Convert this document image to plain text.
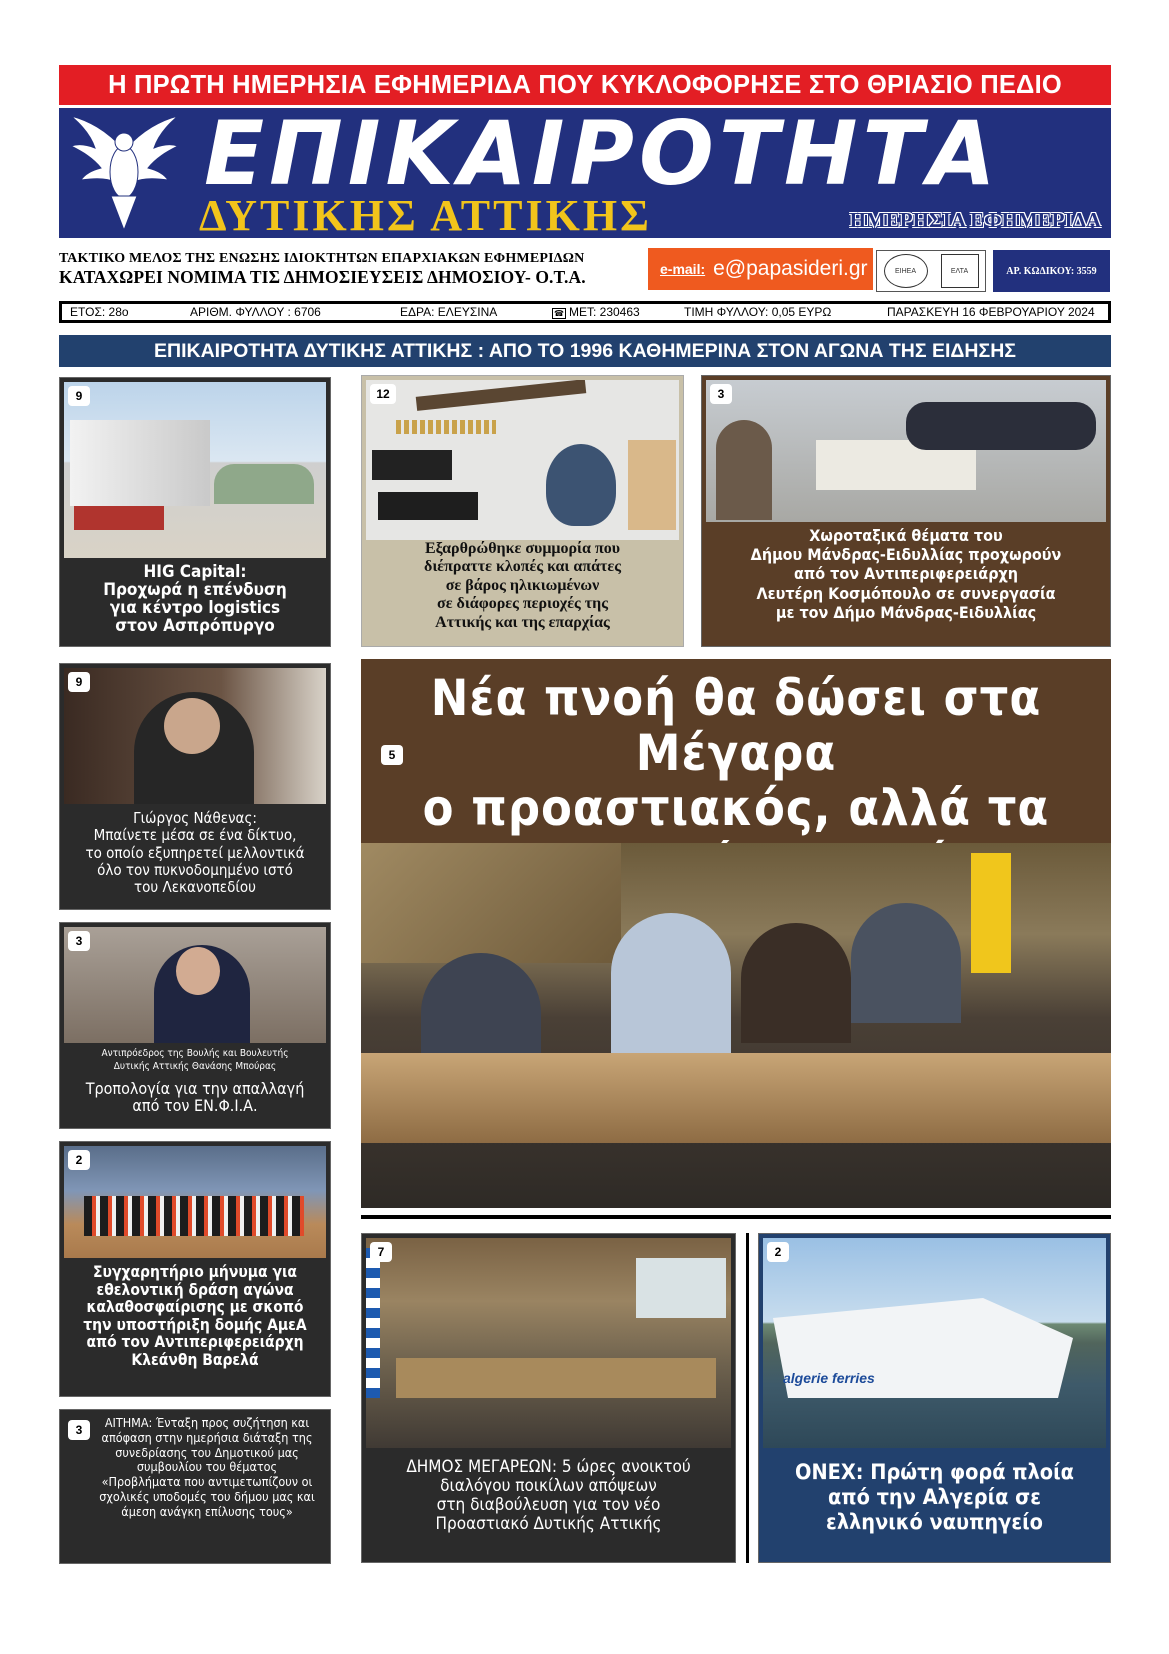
Η ΠΡΩΤΗ ΗΜΕΡΗΣΙΑ ΕΦΗΜΕΡΙΔΑ ΠΟΥ ΚΥΚΛΟΦΟΡΗΣΕ ΣΤΟ ΘΡΙΑΣΙΟ ΠΕΔΙΟ
ΕΠΙΚΑΙΡΟΤΗΤΑ
ΔΥΤΙΚΗΣ ΑΤΤΙΚΗΣ	ΗΜΕΡΗΣΙΑ ΕΦΗΜΕΡΙΔΑ
ΤΑΚΤΙΚΟ ΜΕΛΟΣ ΤΗΣ ΕΝΩΣΗΣ ΙΔΙΟΚΤΗΤΩΝ ΕΠΑΡΧΙΑΚΩΝ ΕΦΗΜΕΡΙΔΩΝ
ΚΑΤΑΧΩΡΕΙ ΝΟΜΙΜΑ ΤΙΣ ΔΗΜΟΣΙΕΥΣΕΙΣ ΔΗΜΟΣΙΟΥ- Ο.Τ.Α.	e-mail: e@papasideri.gr	ΕΙΗΕΑ	ΕΛΤΑ	ΑΡ. ΚΩΔΙΚΟΥ: 3559
ΕΤΟΣ: 28ο	ΑΡΙΘΜ. ΦΥΛΛΟΥ : 6706	ΕΔΡΑ: ΕΛΕΥΣΙΝΑ	☎ ΜΕΤ: 230463	ΤΙΜΗ ΦΥΛΛΟΥ: 0,05 ΕΥΡΩ	ΠΑΡΑΣΚΕΥΗ 16 ΦΕΒΡΟΥΑΡΙΟΥ 2024
ΕΠΙΚΑΙΡΟΤΗΤΑ ΔΥΤΙΚΗΣ ΑΤΤΙΚΗΣ : ΑΠΟ ΤΟ 1996 ΚΑΘΗΜΕΡΙΝΑ ΣΤΟΝ ΑΓΩΝΑ ΤΗΣ ΕΙΔΗΣΗΣ
9
HIG Capital:
Προχωρά η επένδυση
για κέντρο logistics
στον Ασπρόπυργο
12
Εξαρθρώθηκε συμμορία που
διέπραττε κλοπές και απάτες
σε βάρος ηλικιωμένων
σε διάφορες περιοχές της
Αττικής και της επαρχίας
3
Χωροταξικά θέματα του
Δήμου Μάνδρας-Ειδυλλίας προχωρούν
από τον Αντιπεριφερειάρχη
Λευτέρη Κοσμόπουλο σε συνεργασία
με τον Δήμο Μάνδρας-Ειδυλλίας
9
Γιώργος Νάθενας:
Μπαίνετε μέσα σε ένα δίκτυο,
το οποίο εξυπηρετεί μελλοντικά
όλο τον πυκνοδομημένο ιστό
του Λεκανοπεδίου
3
Αντιπρόεδρος της Βουλής και Βουλευτής
Δυτικής Αττικής Θανάσης Μπούρας
Τροπολογία για την απαλλαγή
από τον ΕΝ.Φ.Ι.Α.
2
Συγχαρητήριο μήνυμα για
εθελοντική δράση αγώνα
καλαθοσφαίρισης με σκοπό
την υποστήριξη δομής ΑμεΑ
από τον Αντιπεριφερειάρχη
Κλεάνθη Βαρελά
3	ΑΙΤΗΜΑ: Ένταξη προς συζήτηση και απόφαση στην ημερήσια διάταξη της συνεδρίασης του Δημοτικού μας συμβουλίου του θέματος «Προβλήματα που αντιμετωπίζουν οι σχολικές υποδομές του δήμου μας και άμεση ανάγκη επίλυσης τους»
Νέα πνοή θα δώσει στα Μέγαρα
ο προαστιακός, αλλά τα
5
7
ΔΗΜΟΣ ΜΕΓΑΡΕΩΝ: 5 ώρες ανοικτού
διαλόγου ποικίλων απόψεων
στη διαβούλευση για τον νέο
Προαστιακό Δυτικής Αττικής
algerie ferries
2
ΟΝΕΧ: Πρώτη φορά πλοία
από την Αλγερία σε
ελληνικό ναυπηγείο
